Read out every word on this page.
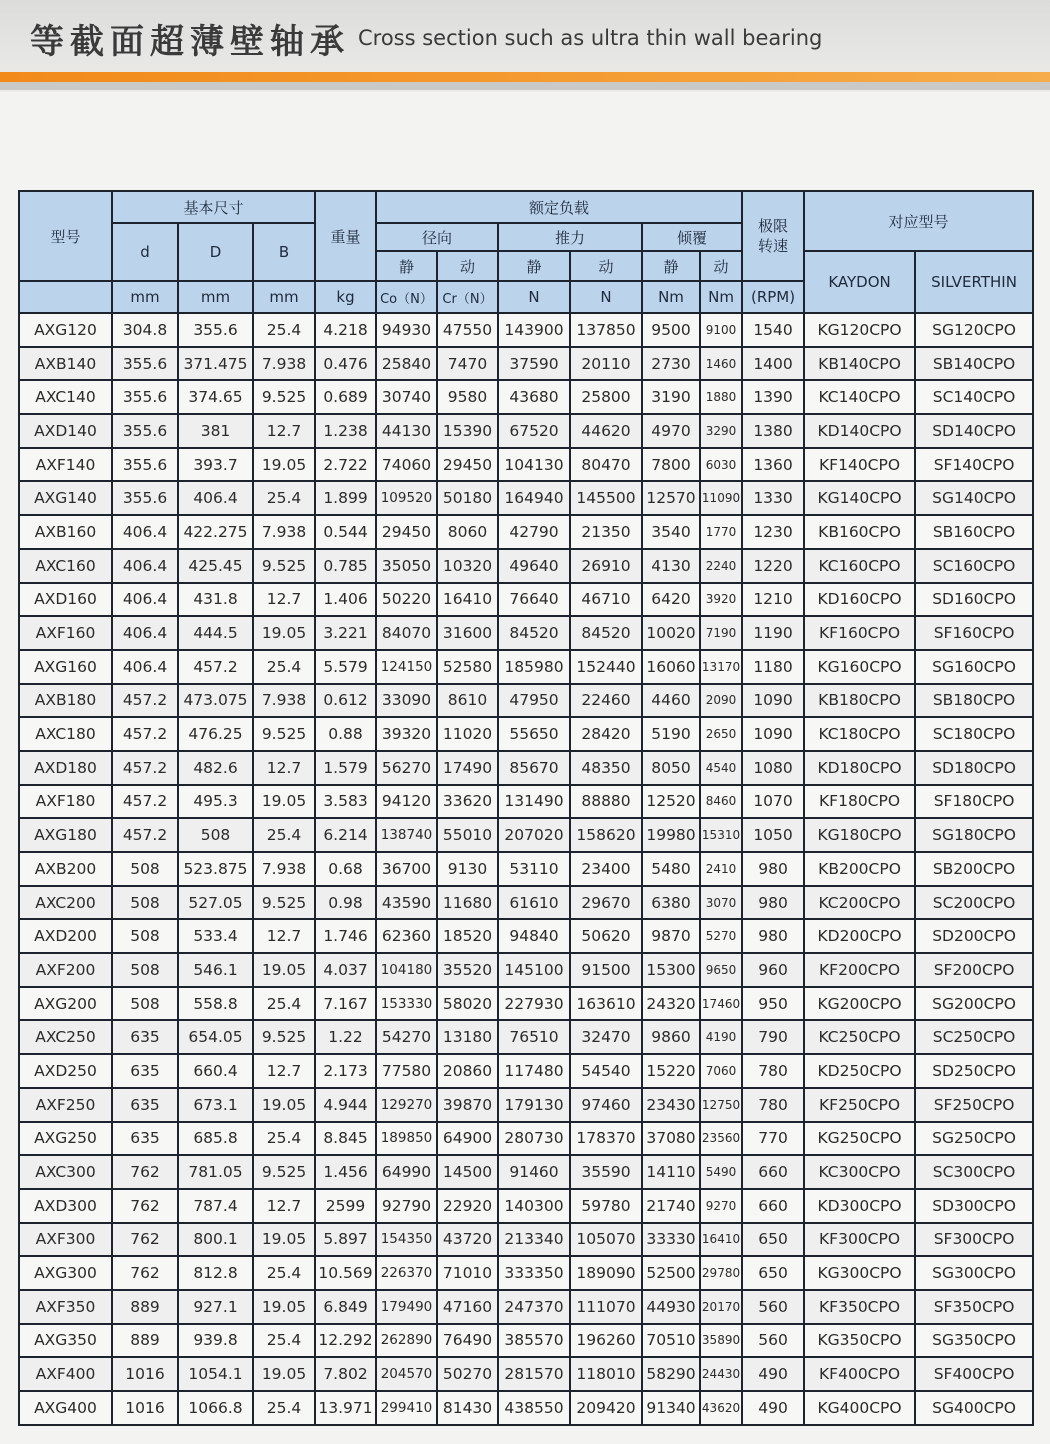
等截面超薄壁轴承 Cross section such as ultra thin wall bearing
型号	基本尺寸			重量	额定负载						极限转速	对应型号	
	d	D	B		径向		推力		倾覆				
					静	动	静	动	静	动		KAYDON	SILVERTHIN
	mm	mm	mm	kg	Co（N）	Cr（N）	N	N	Nm	Nm	(RPM)		
AXG120	304.8	355.6	25.4	4.218	94930	47550	143900	137850	9500	9100	1540	KG120CPO	SG120CPO
AXB140	355.6	371.475	7.938	0.476	25840	7470	37590	20110	2730	1460	1400	KB140CPO	SB140CPO
AXC140	355.6	374.65	9.525	0.689	30740	9580	43680	25800	3190	1880	1390	KC140CPO	SC140CPO
AXD140	355.6	381	12.7	1.238	44130	15390	67520	44620	4970	3290	1380	KD140CPO	SD140CPO
AXF140	355.6	393.7	19.05	2.722	74060	29450	104130	80470	7800	6030	1360	KF140CPO	SF140CPO
AXG140	355.6	406.4	25.4	1.899	109520	50180	164940	145500	12570	11090	1330	KG140CPO	SG140CPO
AXB160	406.4	422.275	7.938	0.544	29450	8060	42790	21350	3540	1770	1230	KB160CPO	SB160CPO
AXC160	406.4	425.45	9.525	0.785	35050	10320	49640	26910	4130	2240	1220	KC160CPO	SC160CPO
AXD160	406.4	431.8	12.7	1.406	50220	16410	76640	46710	6420	3920	1210	KD160CPO	SD160CPO
AXF160	406.4	444.5	19.05	3.221	84070	31600	84520	84520	10020	7190	1190	KF160CPO	SF160CPO
AXG160	406.4	457.2	25.4	5.579	124150	52580	185980	152440	16060	13170	1180	KG160CPO	SG160CPO
AXB180	457.2	473.075	7.938	0.612	33090	8610	47950	22460	4460	2090	1090	KB180CPO	SB180CPO
AXC180	457.2	476.25	9.525	0.88	39320	11020	55650	28420	5190	2650	1090	KC180CPO	SC180CPO
AXD180	457.2	482.6	12.7	1.579	56270	17490	85670	48350	8050	4540	1080	KD180CPO	SD180CPO
AXF180	457.2	495.3	19.05	3.583	94120	33620	131490	88880	12520	8460	1070	KF180CPO	SF180CPO
AXG180	457.2	508	25.4	6.214	138740	55010	207020	158620	19980	15310	1050	KG180CPO	SG180CPO
AXB200	508	523.875	7.938	0.68	36700	9130	53110	23400	5480	2410	980	KB200CPO	SB200CPO
AXC200	508	527.05	9.525	0.98	43590	11680	61610	29670	6380	3070	980	KC200CPO	SC200CPO
AXD200	508	533.4	12.7	1.746	62360	18520	94840	50620	9870	5270	980	KD200CPO	SD200CPO
AXF200	508	546.1	19.05	4.037	104180	35520	145100	91500	15300	9650	960	KF200CPO	SF200CPO
AXG200	508	558.8	25.4	7.167	153330	58020	227930	163610	24320	17460	950	KG200CPO	SG200CPO
AXC250	635	654.05	9.525	1.22	54270	13180	76510	32470	9860	4190	790	KC250CPO	SC250CPO
AXD250	635	660.4	12.7	2.173	77580	20860	117480	54540	15220	7060	780	KD250CPO	SD250CPO
AXF250	635	673.1	19.05	4.944	129270	39870	179130	97460	23430	12750	780	KF250CPO	SF250CPO
AXG250	635	685.8	25.4	8.845	189850	64900	280730	178370	37080	23560	770	KG250CPO	SG250CPO
AXC300	762	781.05	9.525	1.456	64990	14500	91460	35590	14110	5490	660	KC300CPO	SC300CPO
AXD300	762	787.4	12.7	2599	92790	22920	140300	59780	21740	9270	660	KD300CPO	SD300CPO
AXF300	762	800.1	19.05	5.897	154350	43720	213340	105070	33330	16410	650	KF300CPO	SF300CPO
AXG300	762	812.8	25.4	10.569	226370	71010	333350	189090	52500	29780	650	KG300CPO	SG300CPO
AXF350	889	927.1	19.05	6.849	179490	47160	247370	111070	44930	20170	560	KF350CPO	SF350CPO
AXG350	889	939.8	25.4	12.292	262890	76490	385570	196260	70510	35890	560	KG350CPO	SG350CPO
AXF400	1016	1054.1	19.05	7.802	204570	50270	281570	118010	58290	24430	490	KF400CPO	SF400CPO
AXG400	1016	1066.8	25.4	13.971	299410	81430	438550	209420	91340	43620	490	KG400CPO	SG400CPO
